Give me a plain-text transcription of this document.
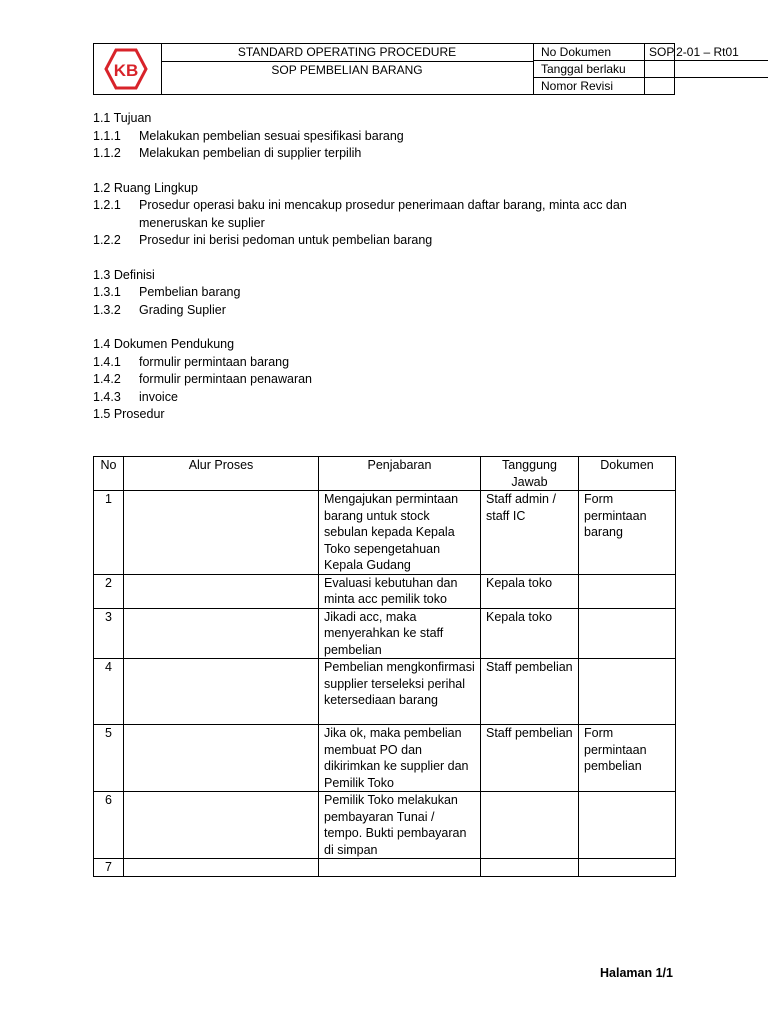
KB
STANDARD OPERATING PROCEDURE
SOP PEMBELIAN BARANG
No Dokumen	SOP.2-01 – Rt01
Tanggal berlaku
Nomor Revisi
1.1 Tujuan
1.1.1	Melakukan pembelian sesuai spesifikasi barang
1.1.2	Melakukan pembelian di supplier terpilih
1.2 Ruang Lingkup
1.2.1	Prosedur operasi baku ini mencakup prosedur penerimaan daftar barang, minta acc dan meneruskan ke suplier
1.2.2	Prosedur ini berisi pedoman untuk pembelian barang
1.3 Definisi
1.3.1	Pembelian barang
1.3.2	Grading Suplier
1.4 Dokumen Pendukung
1.4.1	formulir permintaan barang
1.4.2	formulir permintaan penawaran
1.4.3	invoice
1.5 Prosedur
No	Alur Proses	Penjabaran	Tanggung Jawab	Dokumen
1		Mengajukan permintaan barang untuk stock sebulan kepada Kepala Toko sepengetahuan Kepala Gudang	Staff admin / staff IC	Form permintaan barang
2		Evaluasi kebutuhan dan minta acc pemilik toko	Kepala toko	
3		Jikadi acc, maka menyerahkan ke staff pembelian	Kepala toko	
4		Pembelian mengkonfirmasi supplier terseleksi perihal ketersediaan barang	Staff pembelian	
5		Jika ok, maka pembelian membuat PO dan dikirimkan ke supplier dan Pemilik Toko	Staff pembelian	Form permintaan pembelian
6		Pemilik Toko melakukan pembayaran Tunai / tempo. Bukti pembayaran di simpan		
7				
Halaman 1/1
